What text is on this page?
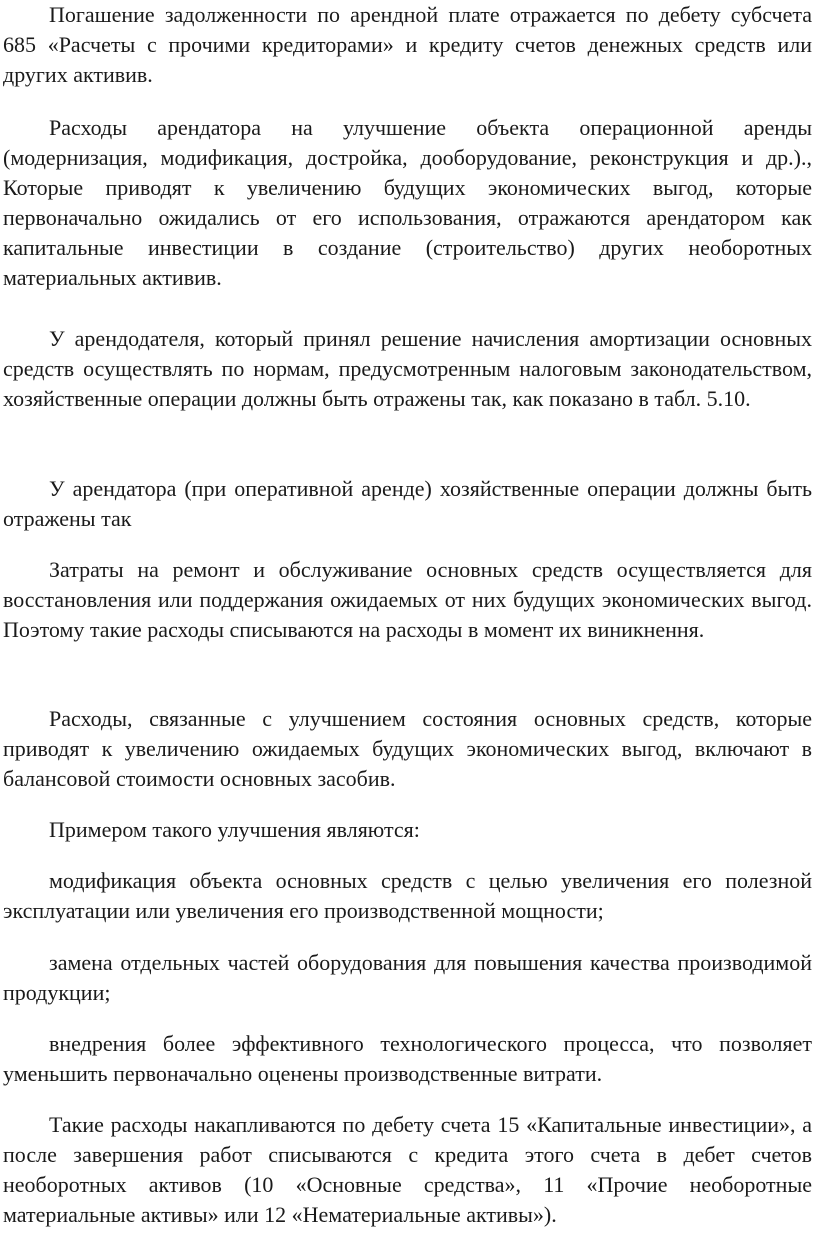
Погашение задолженности по арендной плате отражается по дебету субсчета 685 «Расчеты с прочими кредиторами» и кредиту счетов денежных средств или других активив.

Расходы арендатора на улучшение объекта операционной аренды (модернизация, модификация, достройка, дооборудование, реконструкция и др.)., Которые приводят к увеличению будущих экономических выгод, которые первоначально ожидались от его использования, отражаются арендатором как капитальные инвестиции в создание (строительство) других необоротных материальных активив.

У арендодателя, который принял решение начисления амортизации основных средств осуществлять по нормам, предусмотренным налоговым законодательством, хозяйственные операции должны быть отражены так, как показано в табл. 5.10.

У арендатора (при оперативной аренде) хозяйственные операции должны быть отражены так

Затраты на ремонт и обслуживание основных средств осуществляется для восстановления или поддержания ожидаемых от них будущих экономических выгод. Поэтому такие расходы списываются на расходы в момент их виникнення.

Расходы, связанные с улучшением состояния основных средств, которые приводят к увеличению ожидаемых будущих экономических выгод, включают в балансовой стоимости основных засобив.

Примером такого улучшения являются:

модификация объекта основных средств с целью увеличения его полезной эксплуатации или увеличения его производственной мощности;

замена отдельных частей оборудования для повышения качества производимой продукции;

внедрения более эффективного технологического процесса, что позволяет уменьшить первоначально оценены производственные витрати.

Такие расходы накапливаются по дебету счета 15 «Капитальные инвестиции», а после завершения работ списываются с кредита этого счета в дебет счетов необоротных активов (10 «Основные средства», 11 «Прочие необоротные материальные активы» или 12 «Нематериальные активы»).
